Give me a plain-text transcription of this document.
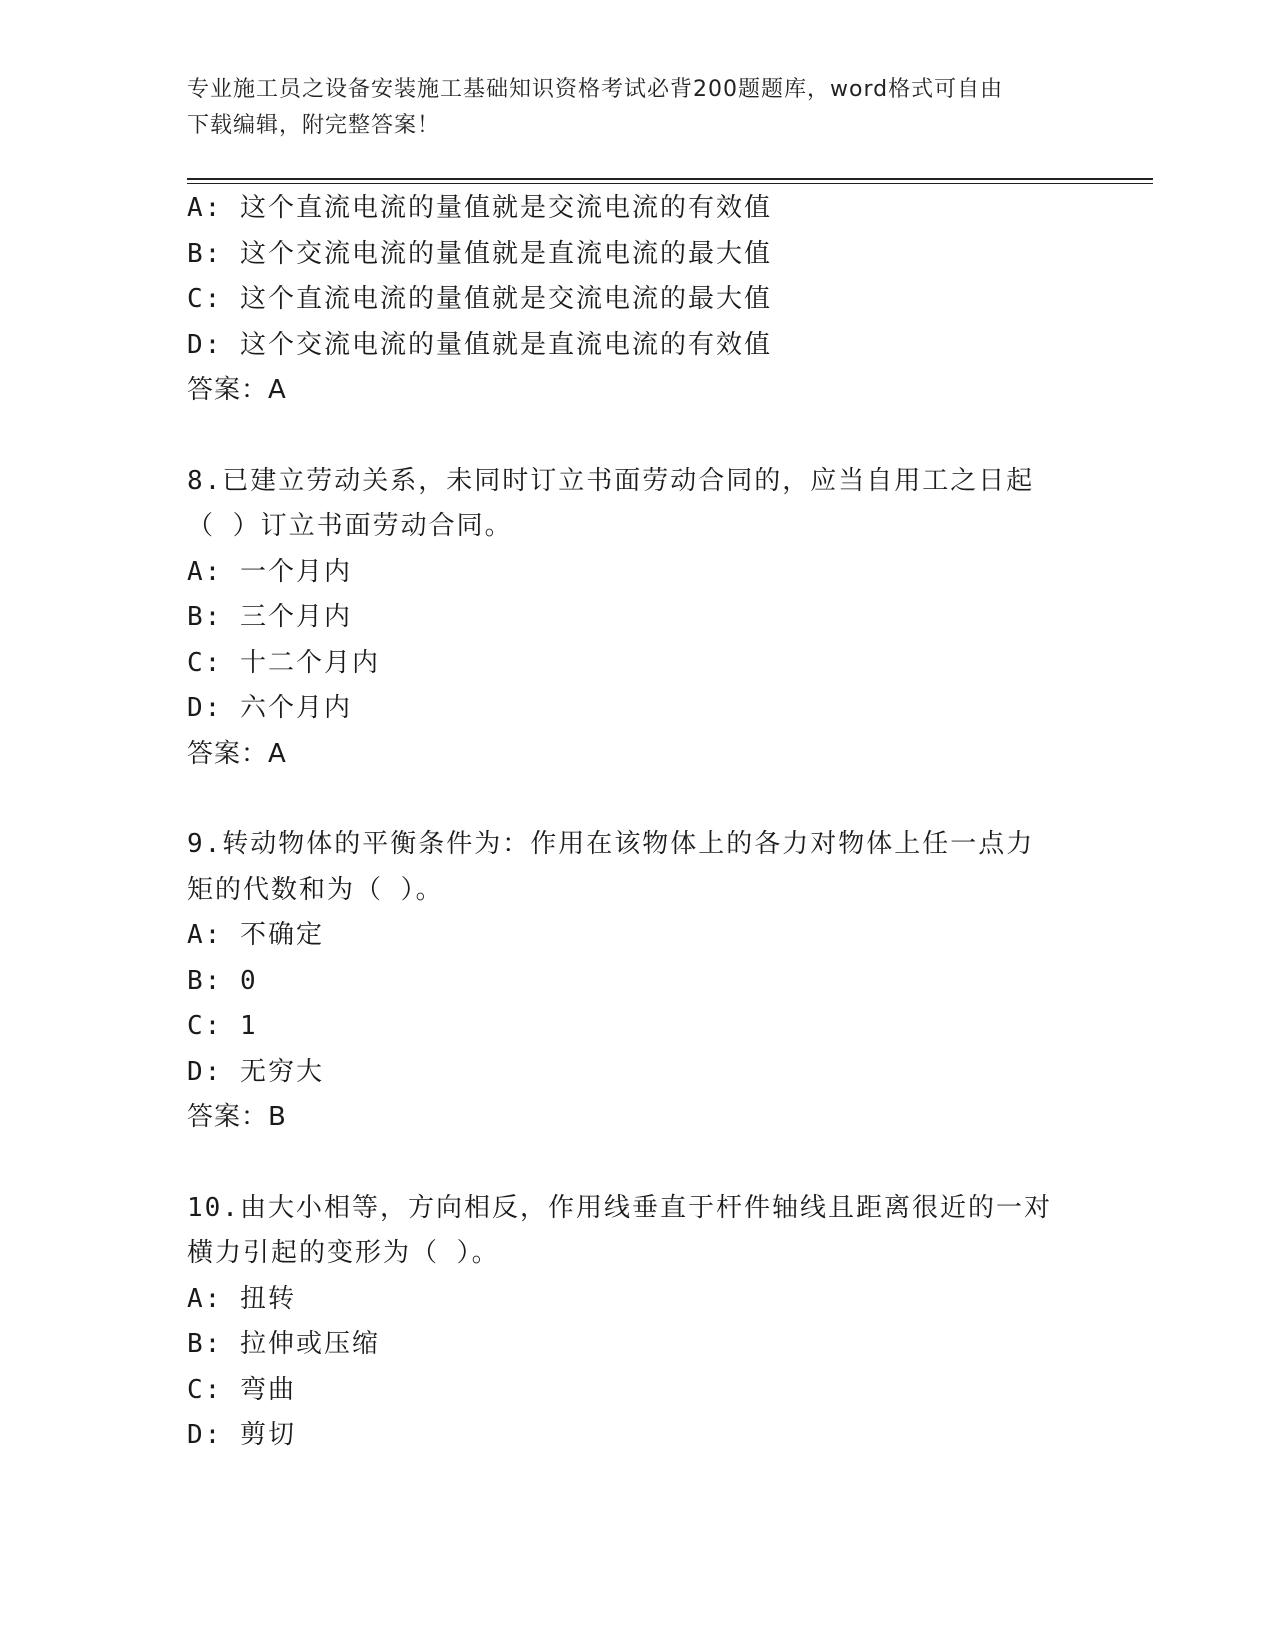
专业施工员之设备安装施工基础知识资格考试必背200题题库，word格式可自由
下载编辑，附完整答案！
A: 这个直流电流的量值就是交流电流的有效值
B: 这个交流电流的量值就是直流电流的最大值
C: 这个直流电流的量值就是交流电流的最大值
D: 这个交流电流的量值就是直流电流的有效值
答案：A
8.已建立劳动关系，未同时订立书面劳动合同的，应当自用工之日起
（ ）订立书面劳动合同。
A: 一个月内
B: 三个月内
C: 十二个月内
D: 六个月内
答案：A
9.转动物体的平衡条件为：作用在该物体上的各力对物体上任一点力
矩的代数和为（ ）。
A: 不确定
B: 0
C: 1
D: 无穷大
答案：B
10.由大小相等，方向相反，作用线垂直于杆件轴线且距离很近的一对
横力引起的变形为（ ）。
A: 扭转
B: 拉伸或压缩
C: 弯曲
D: 剪切
